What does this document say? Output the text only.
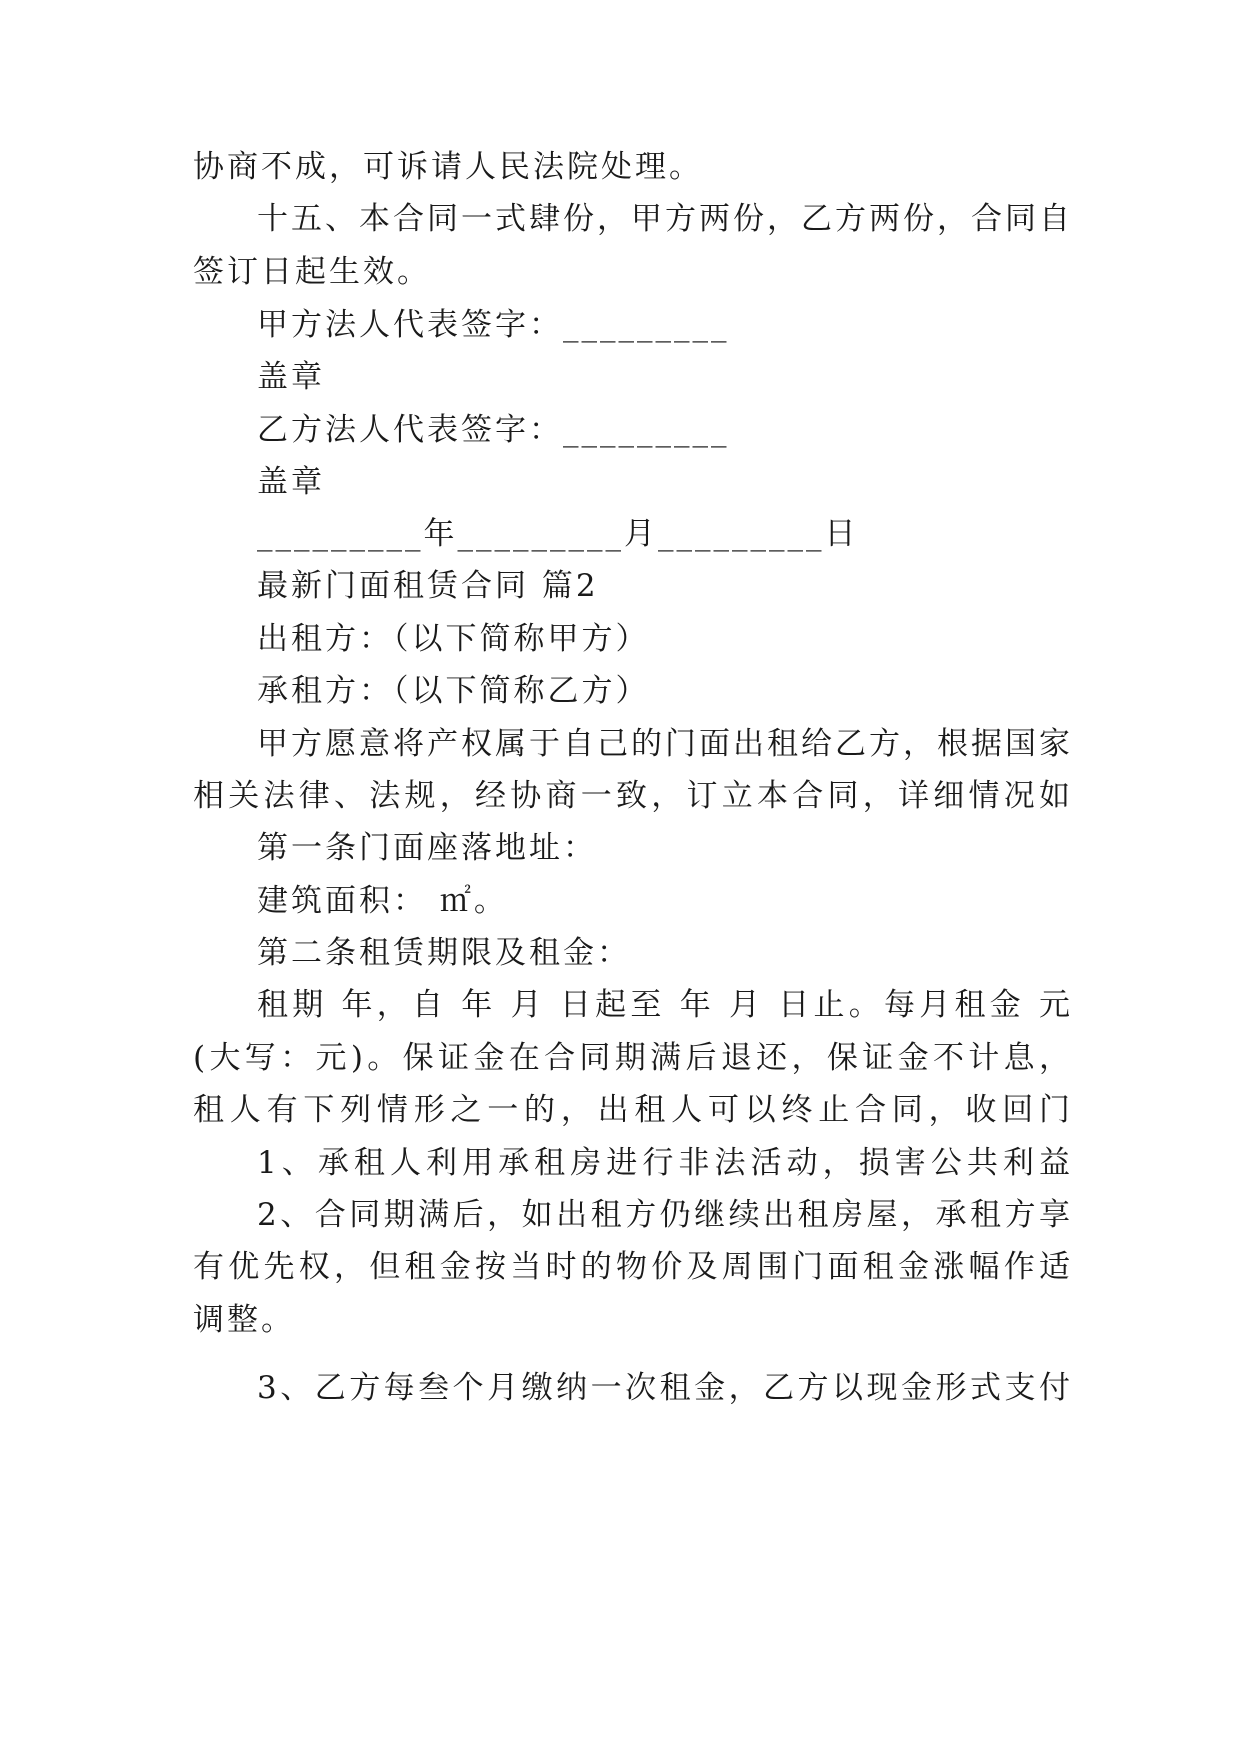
协商不成，可诉请人民法院处理。
十五、本合同一式肆份，甲方两份，乙方两份，合同自
签订日起生效。
甲方法人代表签字：_________
盖章
乙方法人代表签字：_________
盖章
_________年_________月_________日
最新门面租赁合同 篇2
出租方：（以下简称甲方）
承租方：（以下简称乙方）
甲方愿意将产权属于自己的门面出租给乙方，根据国家
相关法律、法规，经协商一致，订立本合同，详细情况如
第一条门面座落地址：
建筑面积： ㎡。
第二条租赁期限及租金：
租期 年，自 年 月 日起至 年 月 日止。每月租金 元
(大写：元)。保证金在合同期满后退还，保证金不计息，
租人有下列情形之一的，出租人可以终止合同，收回门
1、承租人利用承租房进行非法活动，损害公共利益
2、合同期满后，如出租方仍继续出租房屋，承租方享
有优先权，但租金按当时的物价及周围门面租金涨幅作适
调整。
3、乙方每叁个月缴纳一次租金，乙方以现金形式支付
